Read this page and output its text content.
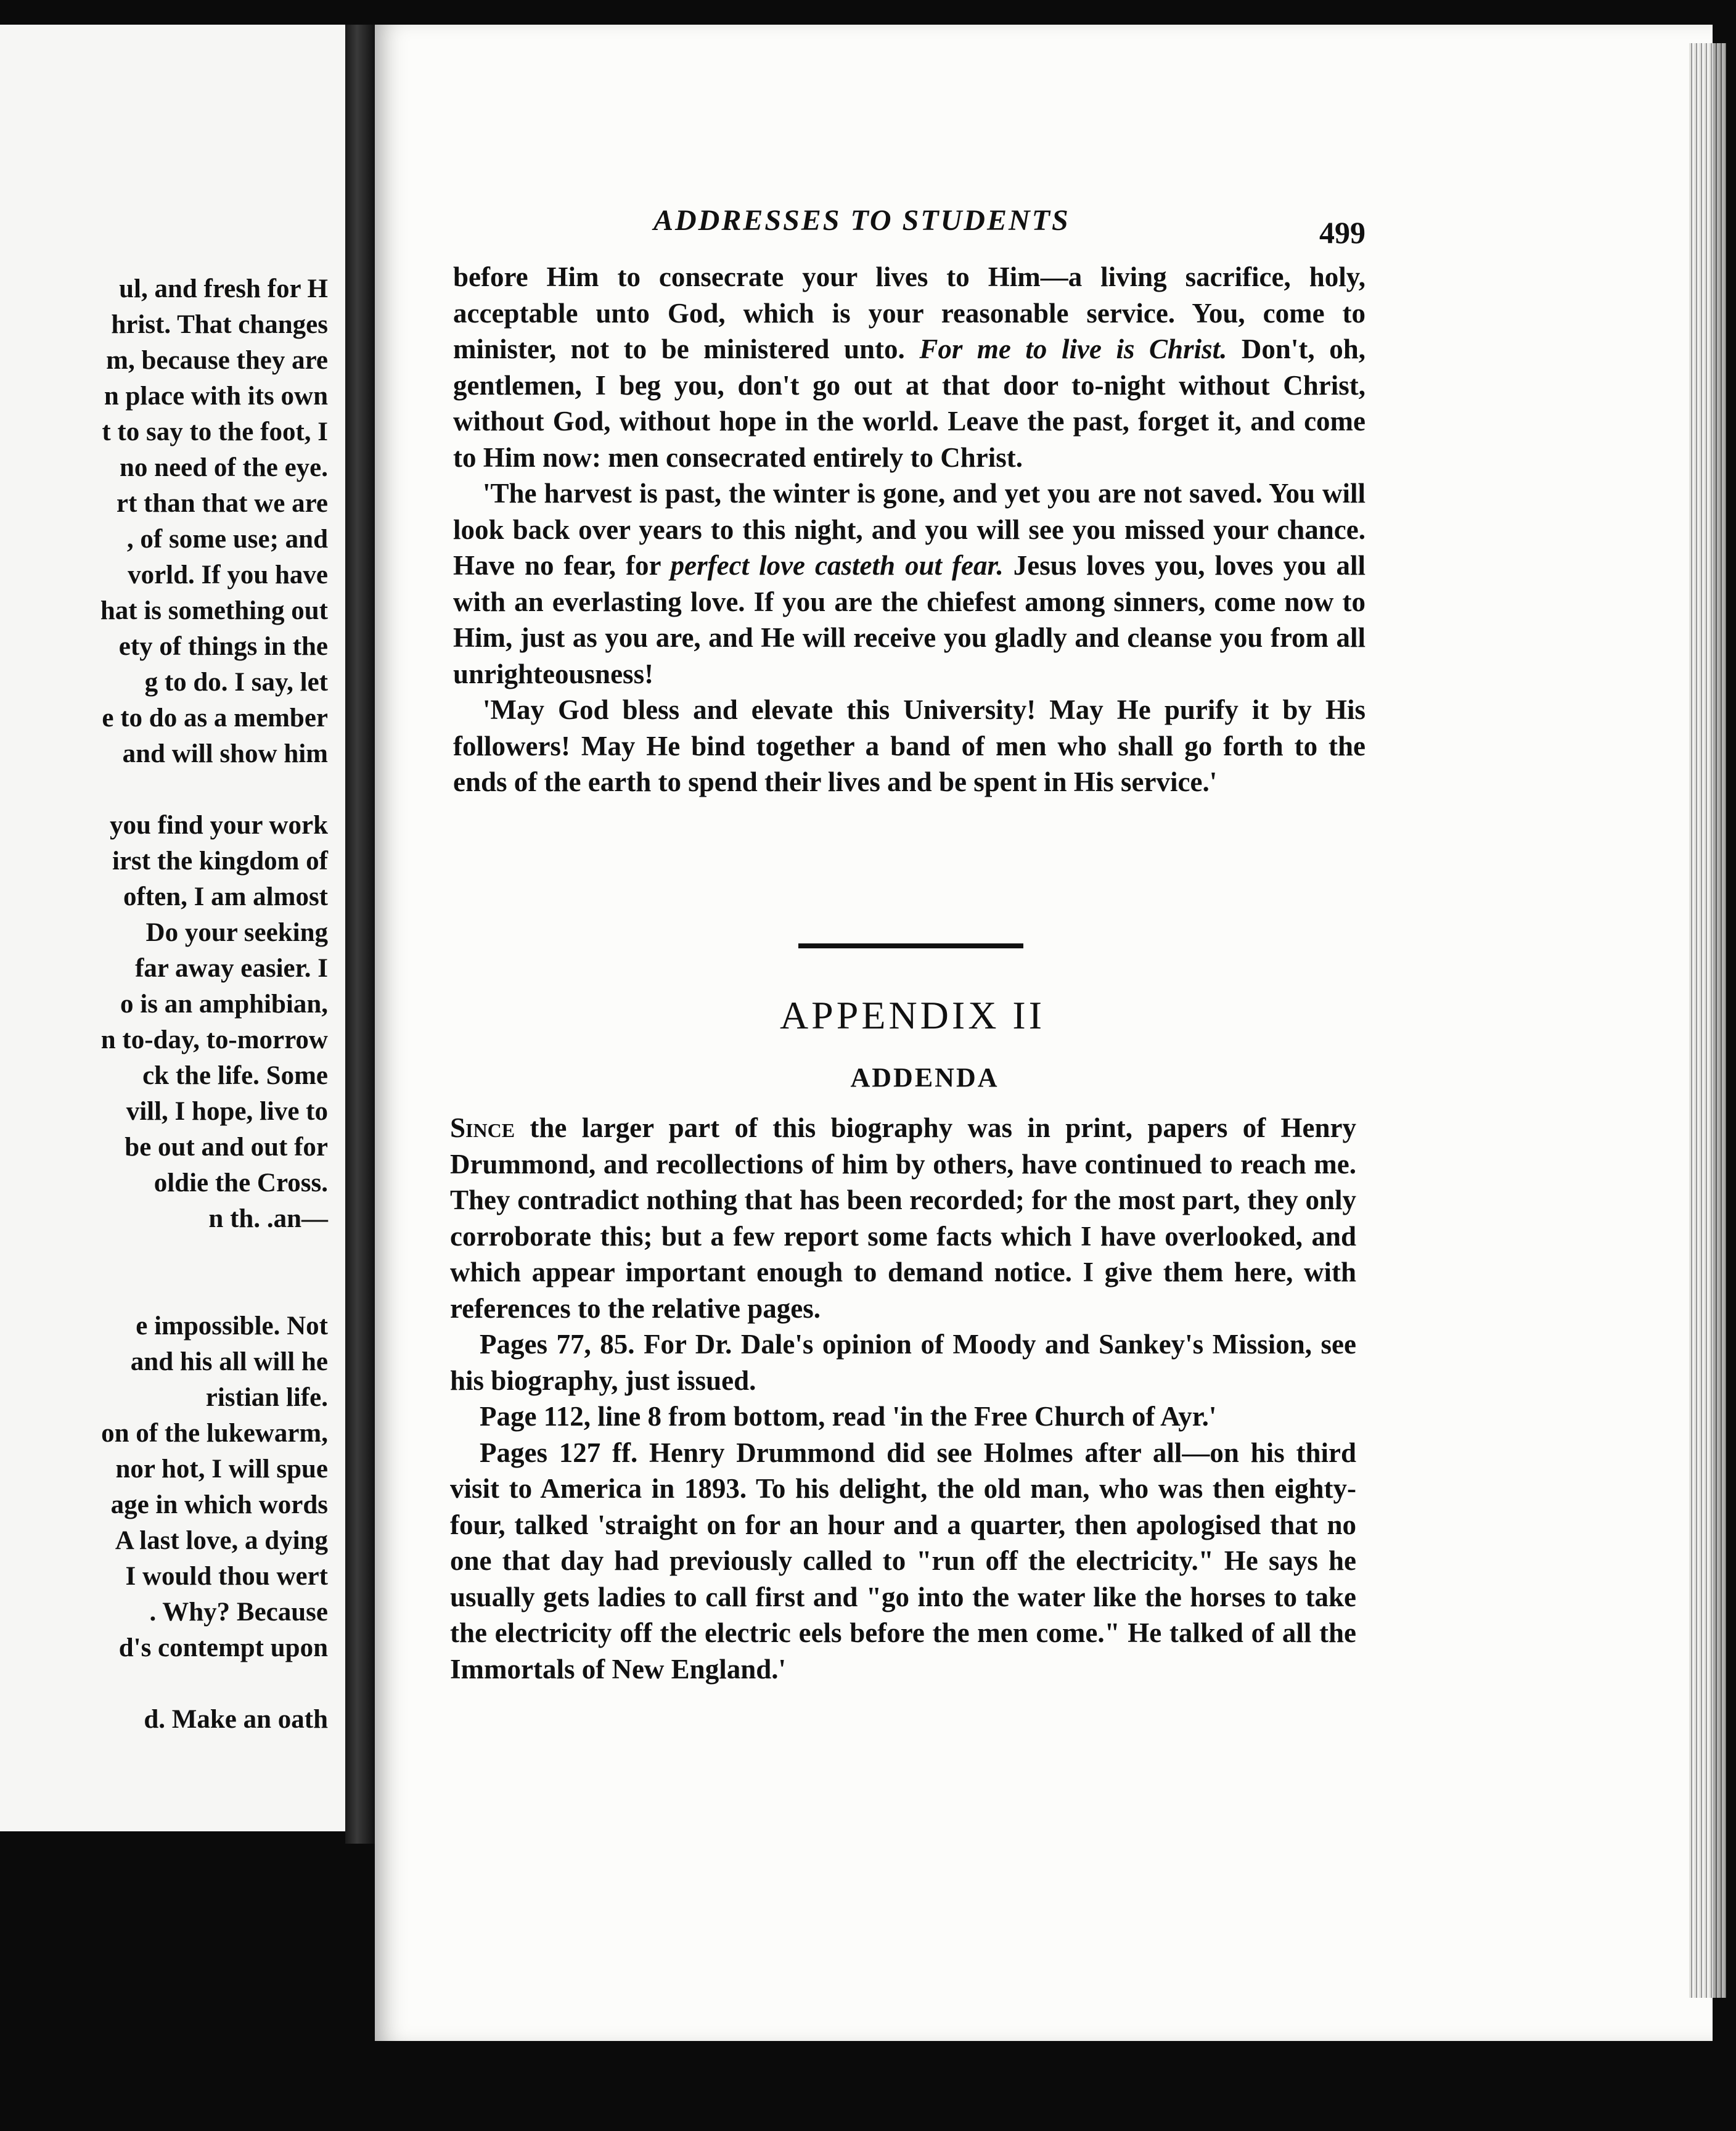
ul, and fresh for H
hrist. That changes
m, because they are
n place with its own
t to say to the foot, I
no need of the eye.
rt than that we are
, of some use; and
vorld. If you have
hat is something out
ety of things in the
g to do. I say, let
e to do as a member
and will show him
you find your work
irst the kingdom of
often, I am almost
Do your seeking
far away easier. I
o is an amphibian,
n to-day, to-morrow
ck the life. Some
vill, I hope, live to
be out and out for
oldie the Cross.
n th. .an—
e impossible. Not
and his all will he
ristian life.
on of the lukewarm,
nor hot, I will spue
age in which words
A last love, a dying
I would thou wert
. Why? Because
d's contempt upon
d. Make an oath
ADDRESSES TO STUDENTS	499

before Him to consecrate your lives to Him—a living sacrifice, holy, acceptable unto God, which is your reasonable service. You, come to minister, not to be ministered unto. For me to live is Christ. Don't, oh, gentlemen, I beg you, don't go out at that door to-night without Christ, without God, without hope in the world. Leave the past, forget it, and come to Him now: men consecrated entirely to Christ.

'The harvest is past, the winter is gone, and yet you are not saved. You will look back over years to this night, and you will see you missed your chance. Have no fear, for perfect love casteth out fear. Jesus loves you, loves you all with an everlasting love. If you are the chiefest among sinners, come now to Him, just as you are, and He will receive you gladly and cleanse you from all unrighteousness!

'May God bless and elevate this University! May He purify it by His followers! May He bind together a band of men who shall go forth to the ends of the earth to spend their lives and be spent in His service.'

APPENDIX II
ADDENDA

Since the larger part of this biography was in print, papers of Henry Drummond, and recollections of him by others, have continued to reach me. They contradict nothing that has been recorded; for the most part, they only corroborate this; but a few report some facts which I have overlooked, and which appear important enough to demand notice. I give them here, with references to the relative pages.

Pages 77, 85. For Dr. Dale's opinion of Moody and Sankey's Mission, see his biography, just issued.

Page 112, line 8 from bottom, read 'in the Free Church of Ayr.'

Pages 127 ff. Henry Drummond did see Holmes after all—on his third visit to America in 1893. To his delight, the old man, who was then eighty-four, talked 'straight on for an hour and a quarter, then apologised that no one that day had previously called to "run off the electricity." He says he usually gets ladies to call first and "go into the water like the horses to take the electricity off the electric eels before the men come." He talked of all the Immortals of New England.'
